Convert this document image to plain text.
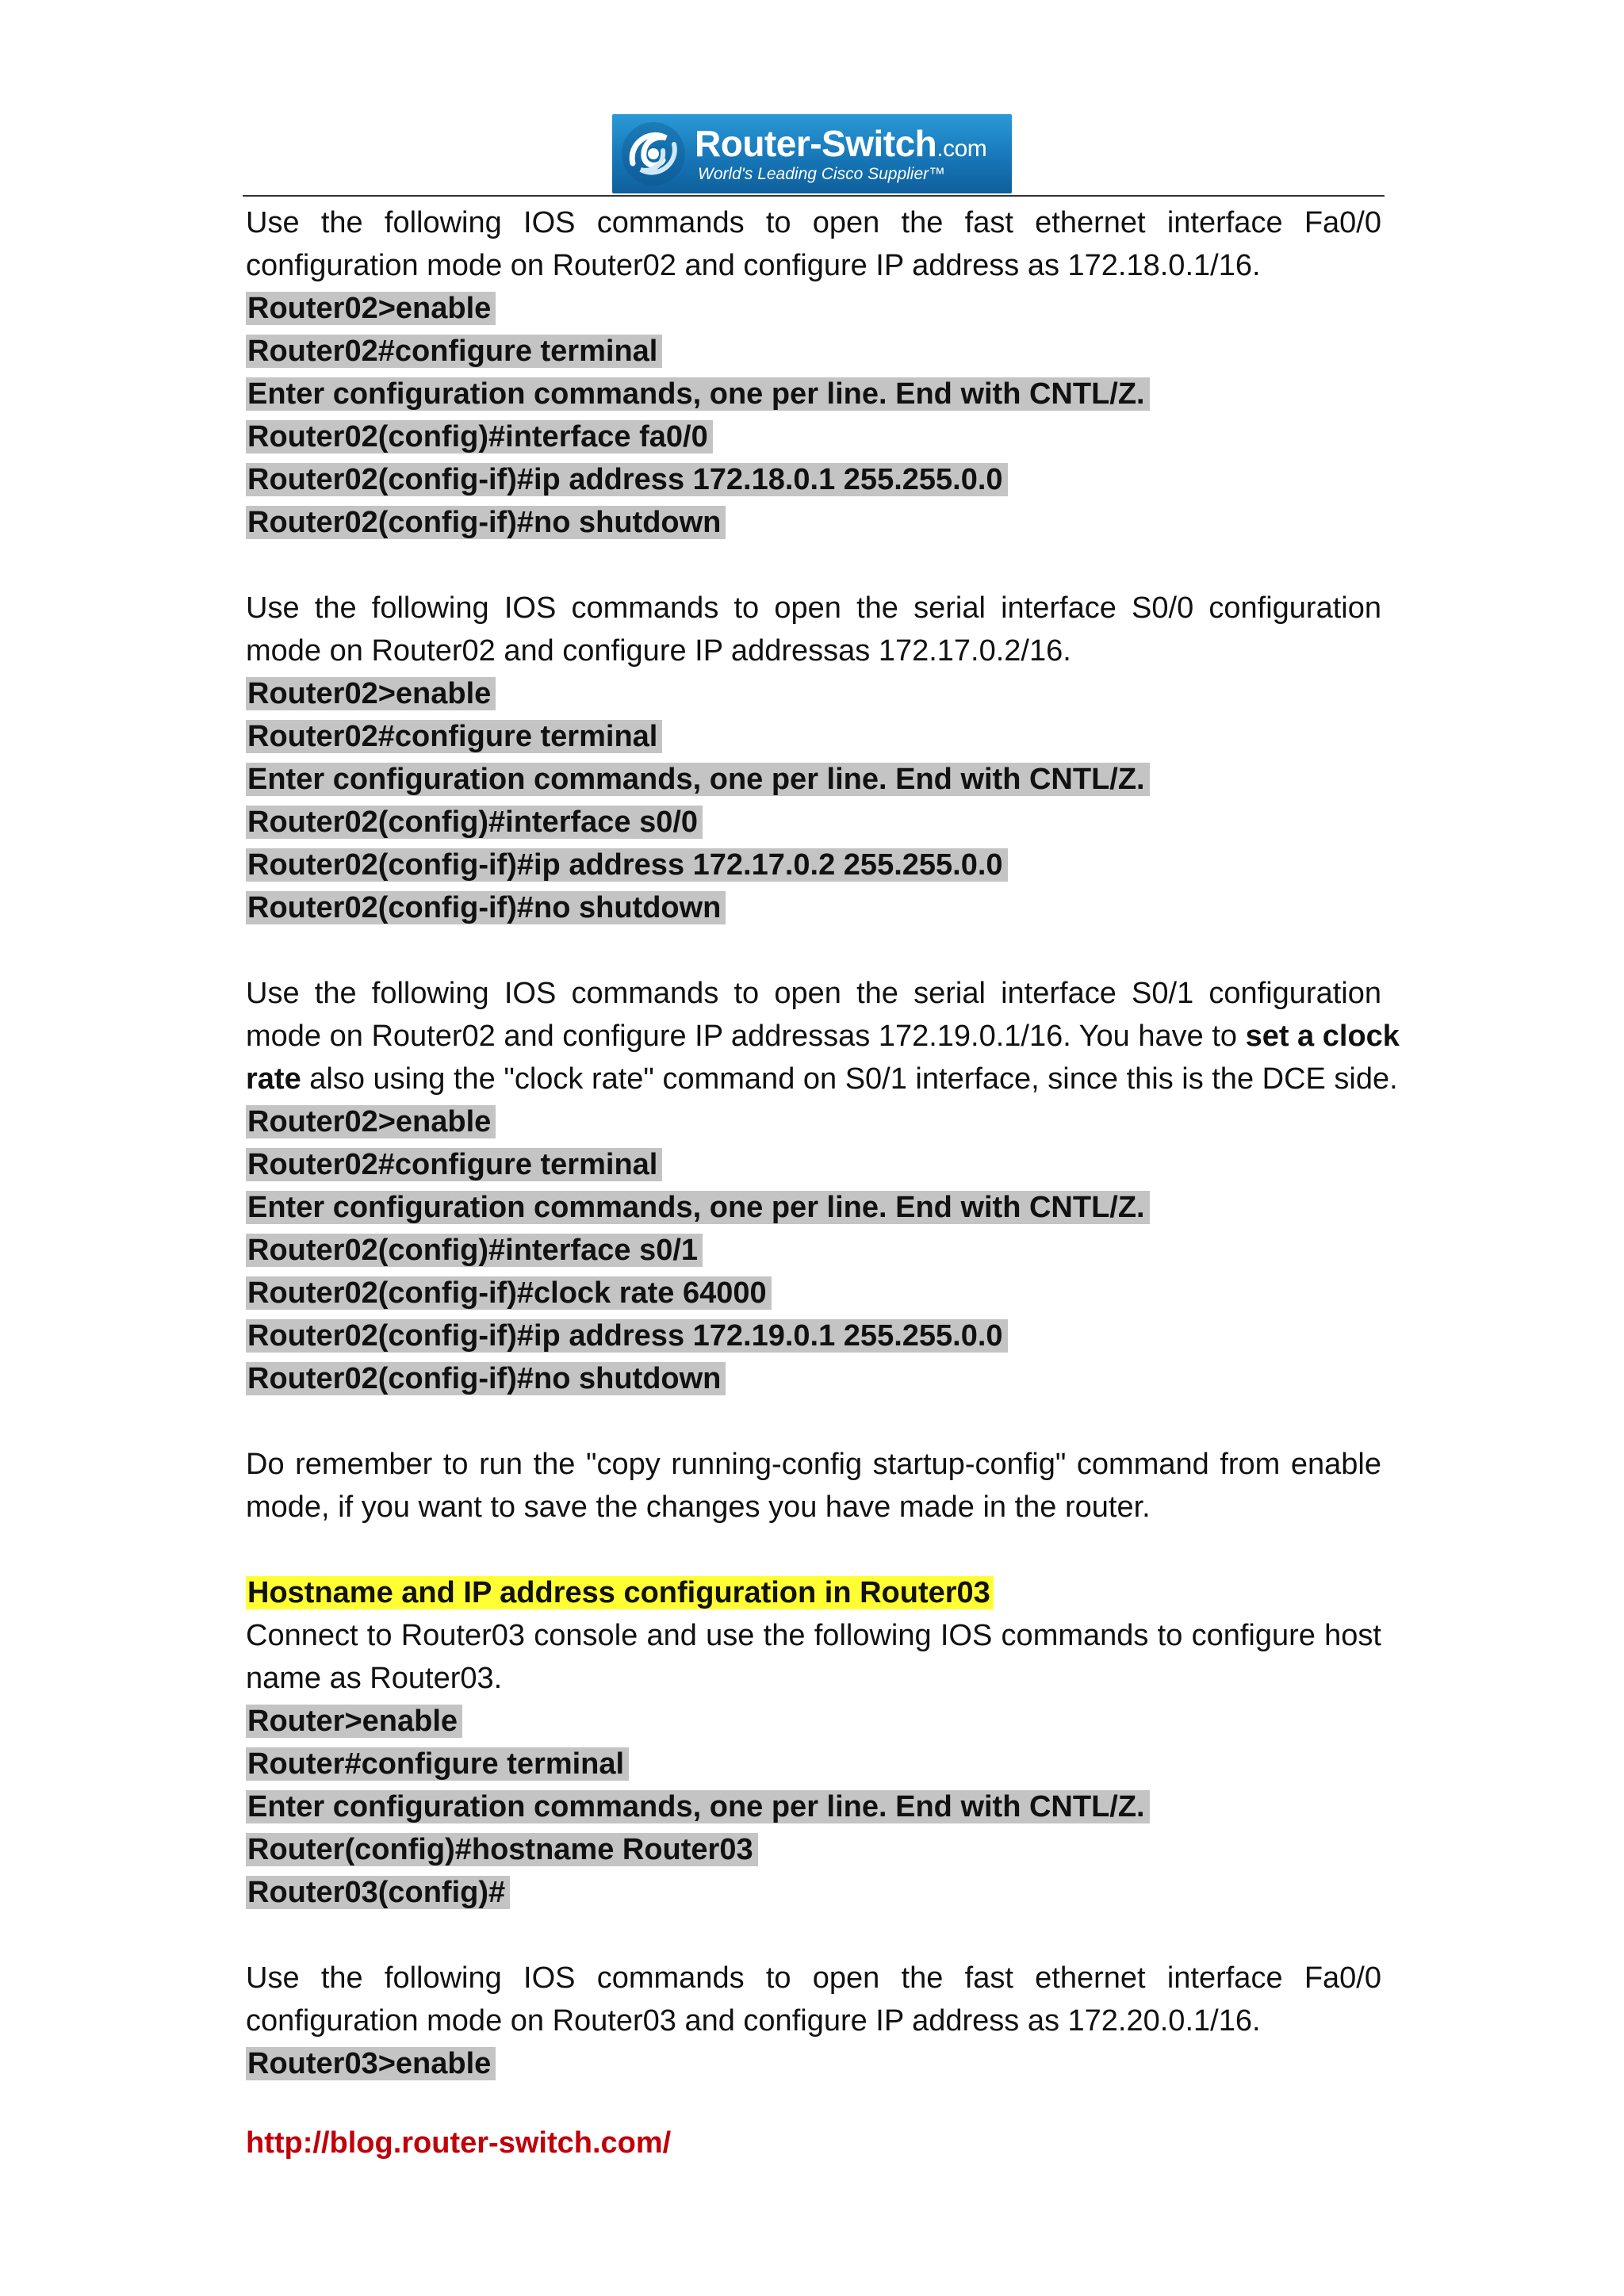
Router-Switch.com
World's Leading Cisco Supplier™
Use the following IOS commands to open the fast ethernet interface Fa0/0
configuration mode on Router02 and configure IP address as 172.18.0.1/16.
Router02>enable
Router02#configure terminal
Enter configuration commands, one per line. End with CNTL/Z.
Router02(config)#interface fa0/0
Router02(config-if)#ip address 172.18.0.1 255.255.0.0
Router02(config-if)#no shutdown
Use the following IOS commands to open the serial interface S0/0 configuration
mode on Router02 and configure IP addressas 172.17.0.2/16.
Router02>enable
Router02#configure terminal
Enter configuration commands, one per line. End with CNTL/Z.
Router02(config)#interface s0/0
Router02(config-if)#ip address 172.17.0.2 255.255.0.0
Router02(config-if)#no shutdown
Use the following IOS commands to open the serial interface S0/1 configuration
mode on Router02 and configure IP addressas 172.19.0.1/16. You have to set a clock
rate also using the "clock rate" command on S0/1 interface, since this is the DCE side.
Router02>enable
Router02#configure terminal
Enter configuration commands, one per line. End with CNTL/Z.
Router02(config)#interface s0/1
Router02(config-if)#clock rate 64000
Router02(config-if)#ip address 172.19.0.1 255.255.0.0
Router02(config-if)#no shutdown
Do remember to run the "copy running-config startup-config" command from enable
mode, if you want to save the changes you have made in the router.
Hostname and IP address configuration in Router03
Connect to Router03 console and use the following IOS commands to configure host
name as Router03.
Router>enable
Router#configure terminal
Enter configuration commands, one per line. End with CNTL/Z.
Router(config)#hostname Router03
Router03(config)#
Use the following IOS commands to open the fast ethernet interface Fa0/0
configuration mode on Router03 and configure IP address as 172.20.0.1/16.
Router03>enable
http://blog.router-switch.com/
